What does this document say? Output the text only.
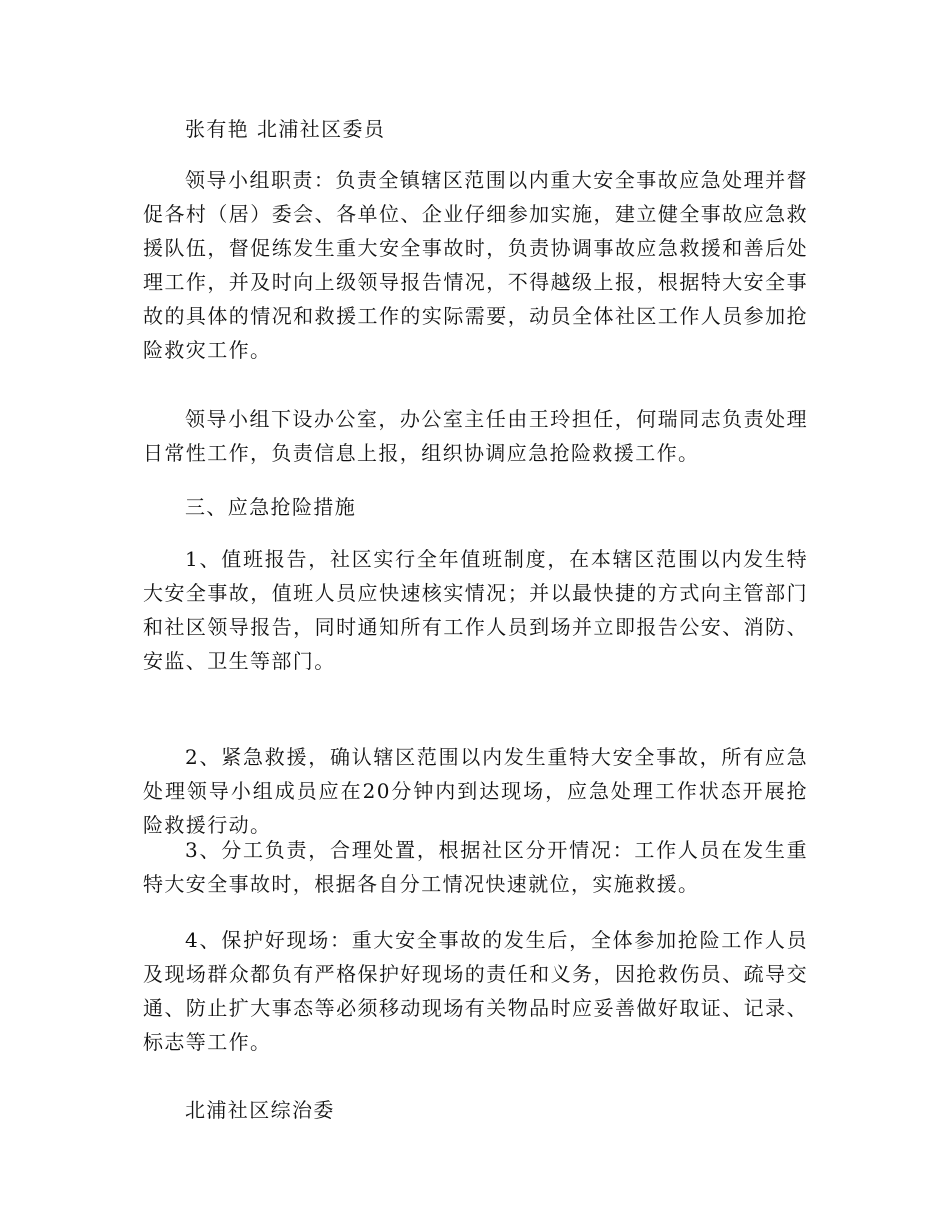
张有艳 北浦社区委员

领导小组职责：负责全镇辖区范围以内重大安全事故应急处理并督促各村（居）委会、各单位、企业仔细参加实施，建立健全事故应急救援队伍，督促练发生重大安全事故时，负责协调事故应急救援和善后处理工作，并及时向上级领导报告情况，不得越级上报，根据特大安全事故的具体的情况和救援工作的实际需要，动员全体社区工作人员参加抢险救灾工作。

领导小组下设办公室，办公室主任由王玲担任，何瑞同志负责处理日常性工作，负责信息上报，组织协调应急抢险救援工作。

三、应急抢险措施

1、值班报告，社区实行全年值班制度，在本辖区范围以内发生特大安全事故，值班人员应快速核实情况；并以最快捷的方式向主管部门和社区领导报告，同时通知所有工作人员到场并立即报告公安、消防、安监、卫生等部门。

2、紧急救援，确认辖区范围以内发生重特大安全事故，所有应急处理领导小组成员应在20分钟内到达现场，应急处理工作状态开展抢险救援行动。

3、分工负责，合理处置，根据社区分开情况：工作人员在发生重特大安全事故时，根据各自分工情况快速就位，实施救援。

4、保护好现场：重大安全事故的发生后，全体参加抢险工作人员及现场群众都负有严格保护好现场的责任和义务，因抢救伤员、疏导交通、防止扩大事态等必须移动现场有关物品时应妥善做好取证、记录、标志等工作。

北浦社区综治委
